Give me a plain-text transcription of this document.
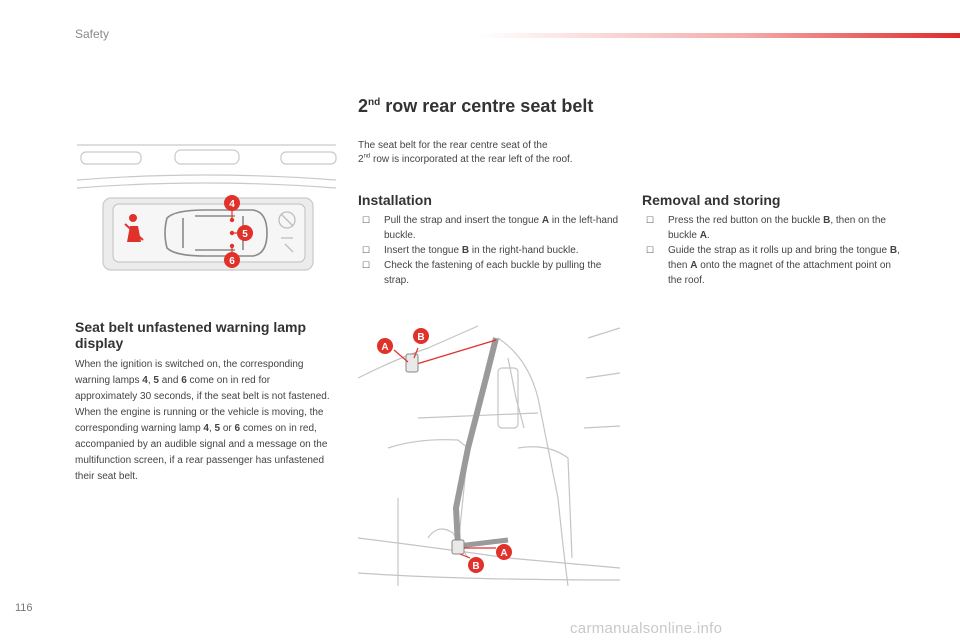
Safety
2nd row rear centre seat belt
The seat belt for the rear centre seat of the
2nd row is incorporated at the rear left of the roof.
Installation
☐ Pull the strap and insert the tongue A in the left-hand buckle.
☐ Insert the tongue B in the right-hand buckle.
☐ Check the fastening of each buckle by pulling the strap.
Removal and storing
☐ Press the red button on the buckle B, then on the buckle A.
☐ Guide the strap as it rolls up and bring the tongue B, then A onto the magnet of the attachment point on the roof.
4
5
6
Seat belt unfastened warning lamp display

When the ignition is switched on, the corresponding warning lamps 4, 5 and 6 come on in red for approximately 30 seconds, if the seat belt is not fastened.

When the engine is running or the vehicle is moving, the corresponding warning lamp 4, 5 or 6 comes on in red, accompanied by an audible signal and a message on the multifunction screen, if a rear passenger has unfastened their seat belt.

B
A
A
B
116
carmanualsonline.info
